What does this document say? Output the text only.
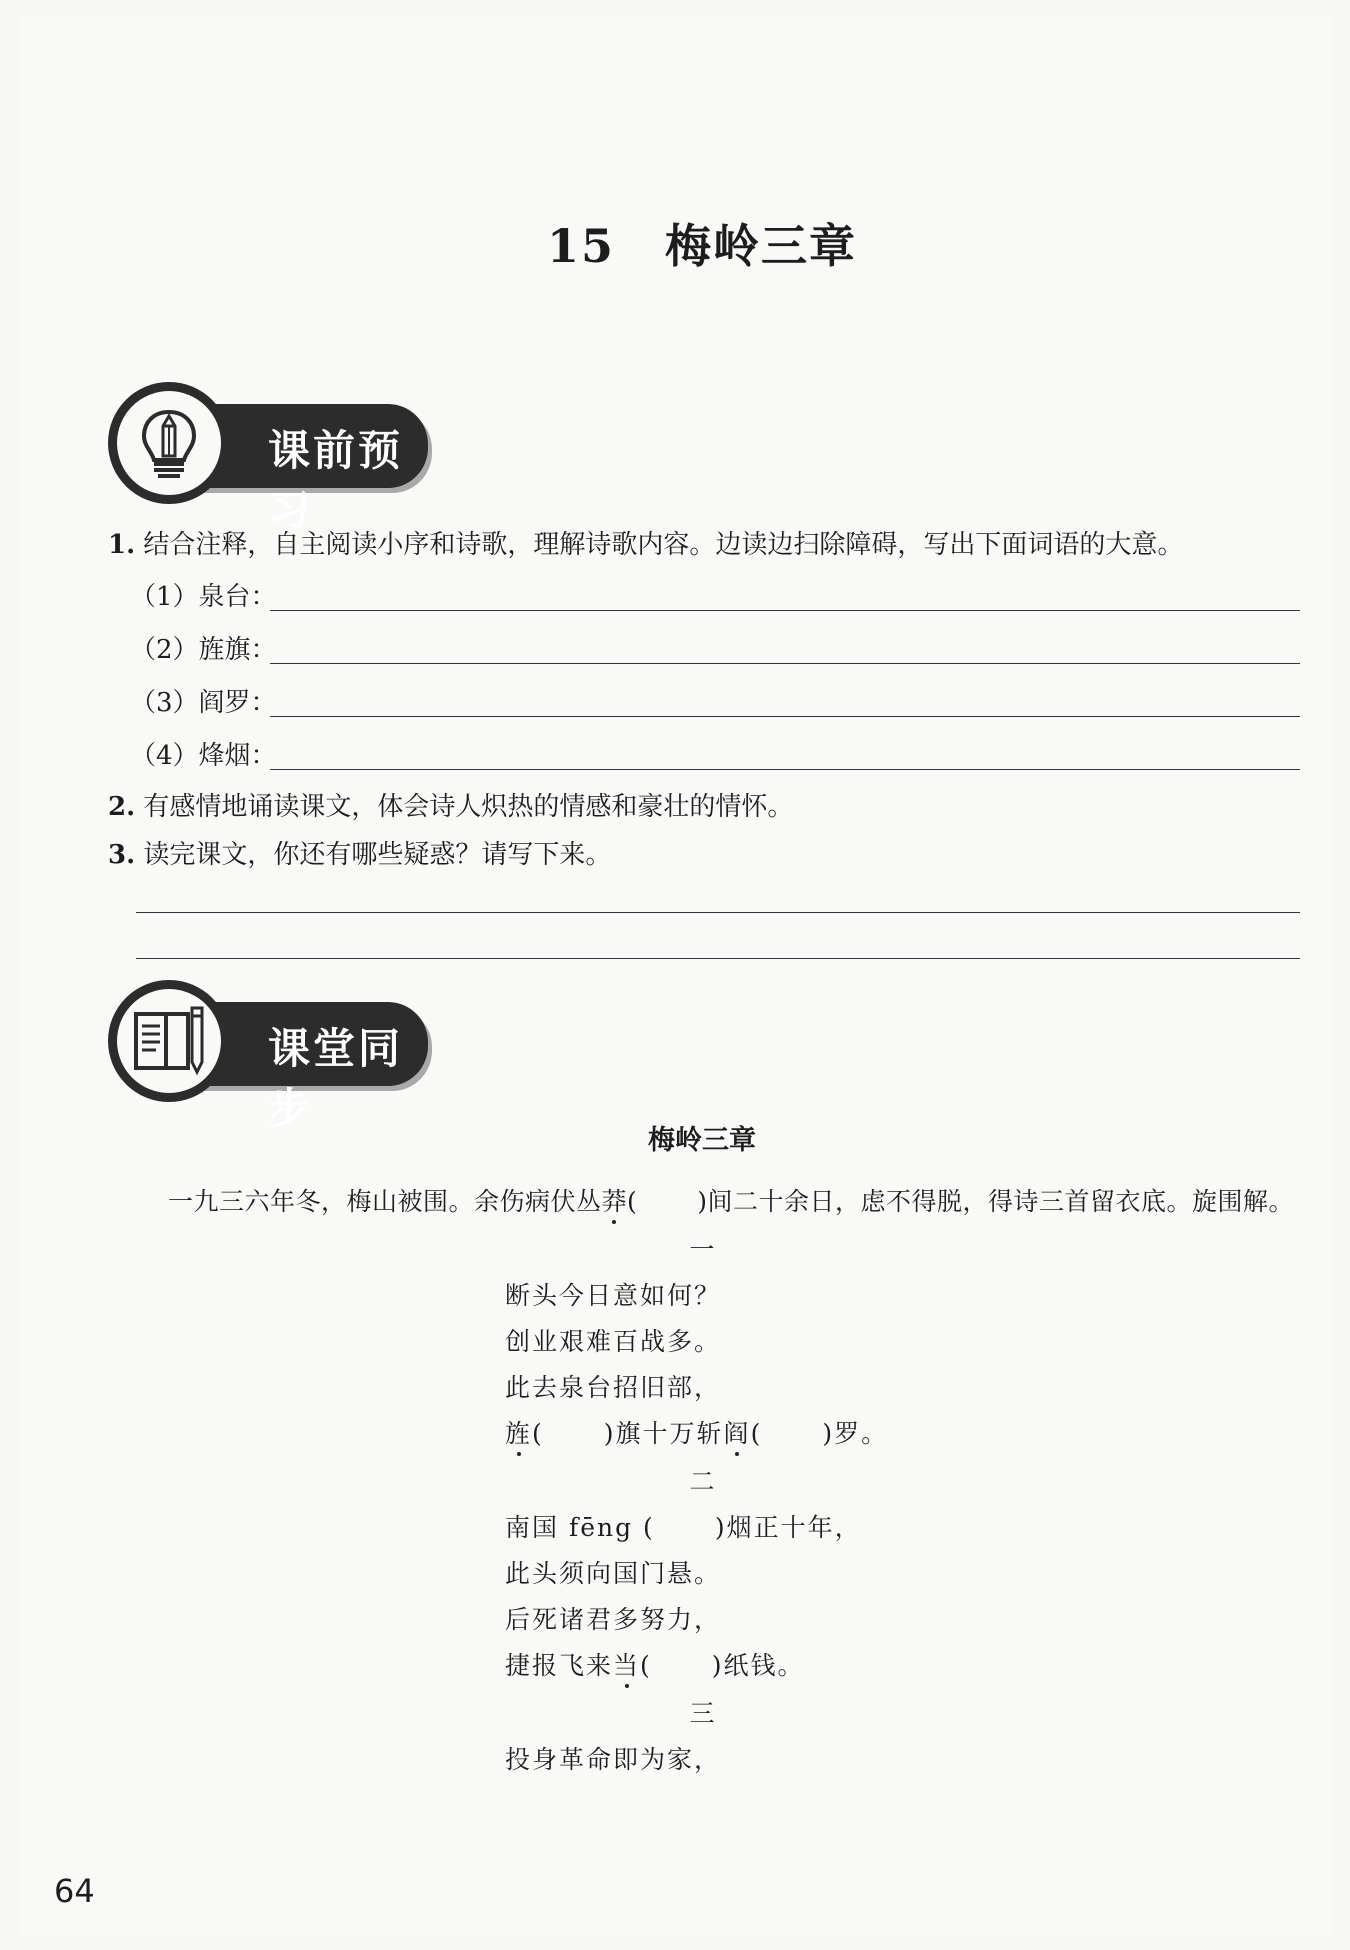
15 梅岭三章
课前预习
1. 结合注释，自主阅读小序和诗歌，理解诗歌内容。边读边扫除障碍，写出下面词语的大意。
（1）泉台：
（2）旌旗：
（3）阎罗：
（4）烽烟：
2. 有感情地诵读课文，体会诗人炽热的情感和豪壮的情怀。
3. 读完课文，你还有哪些疑惑？请写下来。
课堂同步
梅岭三章
一九三六年冬，梅山被围。余伤病伏丛莽( )间二十余日，虑不得脱，得诗三首留衣底。旋围解。
一
断头今日意如何？
创业艰难百战多。
此去泉台招旧部，
旌( )旗十万斩阎( )罗。
二
南国 fēng ( )烟正十年，
此头须向国门悬。
后死诸君多努力，
捷报飞来当( )纸钱。
三
投身革命即为家，
64
